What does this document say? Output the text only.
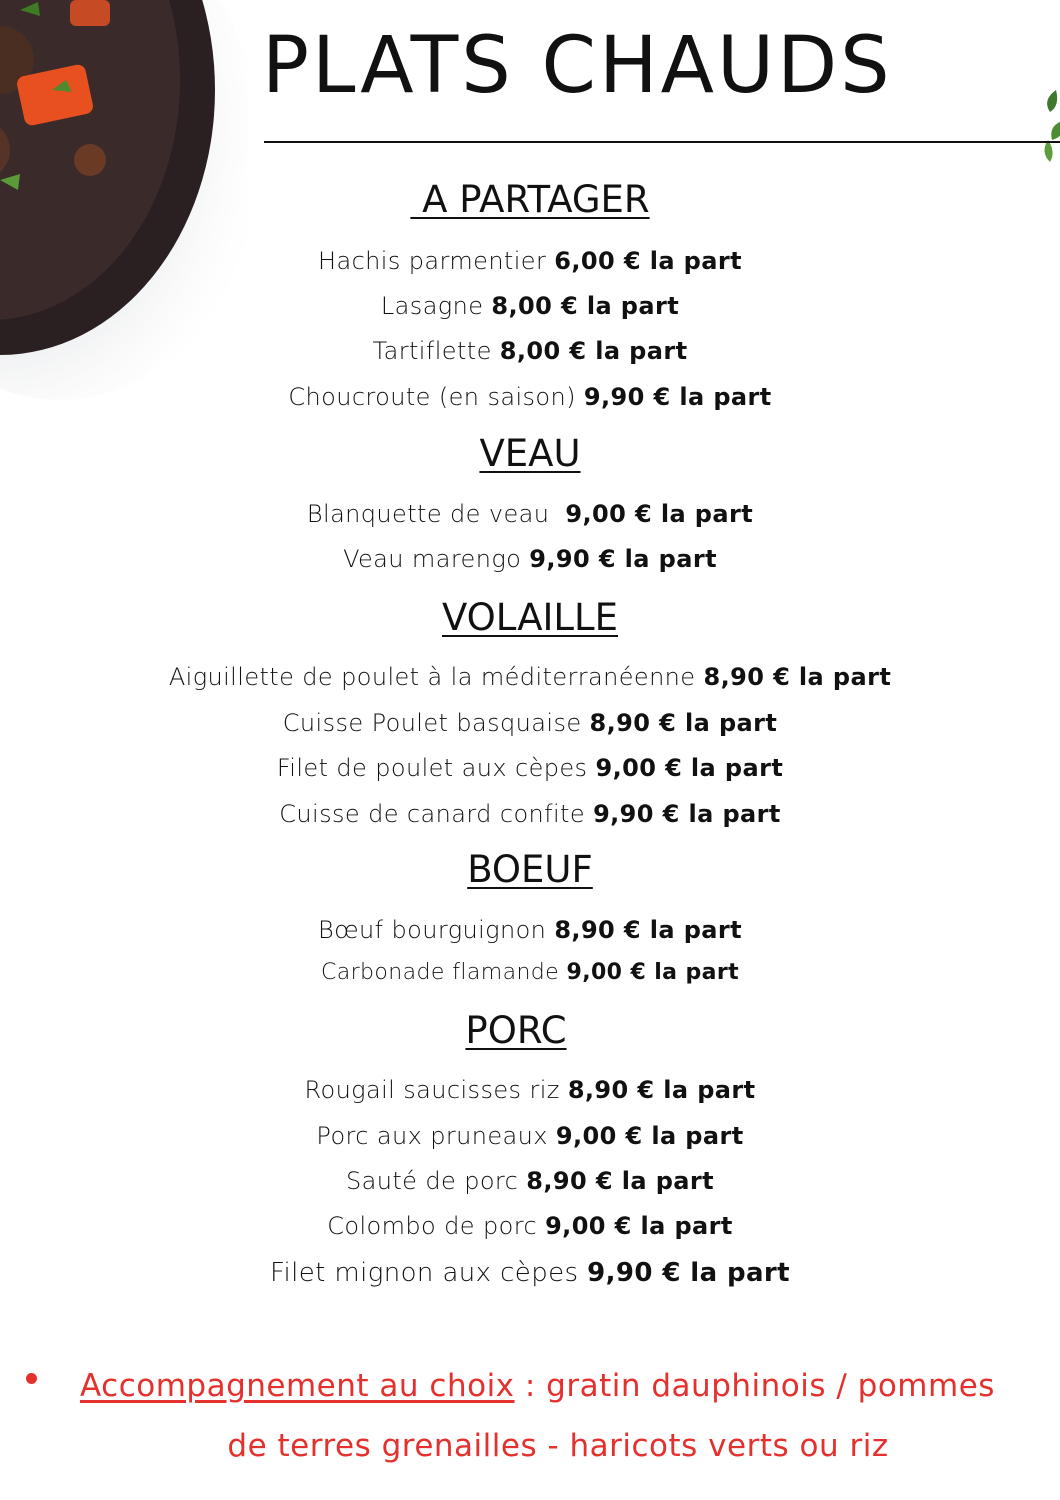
PLATS CHAUDS
A PARTAGER

Hachis parmentier 6,00 € la part

Lasagne 8,00 € la part

Tartiflette 8,00 € la part

Choucroute (en saison) 9,90 € la part

VEAU

Blanquette de veau  9,00 € la part

Veau marengo 9,90 € la part

VOLAILLE

Aiguillette de poulet à la méditerranéenne 8,90 € la part

Cuisse Poulet basquaise 8,90 € la part

Filet de poulet aux cèpes 9,00 € la part

Cuisse de canard confite 9,90 € la part

BOEUF

Bœuf bourguignon 8,90 € la part

Carbonade flamande 9,00 € la part

PORC

Rougail saucisses riz 8,90 € la part

Porc aux pruneaux 9,00 € la part

Sauté de porc 8,90 € la part

Colombo de porc 9,00 € la part

Filet mignon aux cèpes 9,90 € la part

Accompagnement au choix : gratin dauphinois / pommes
de terres grenailles - haricots verts ou riz
